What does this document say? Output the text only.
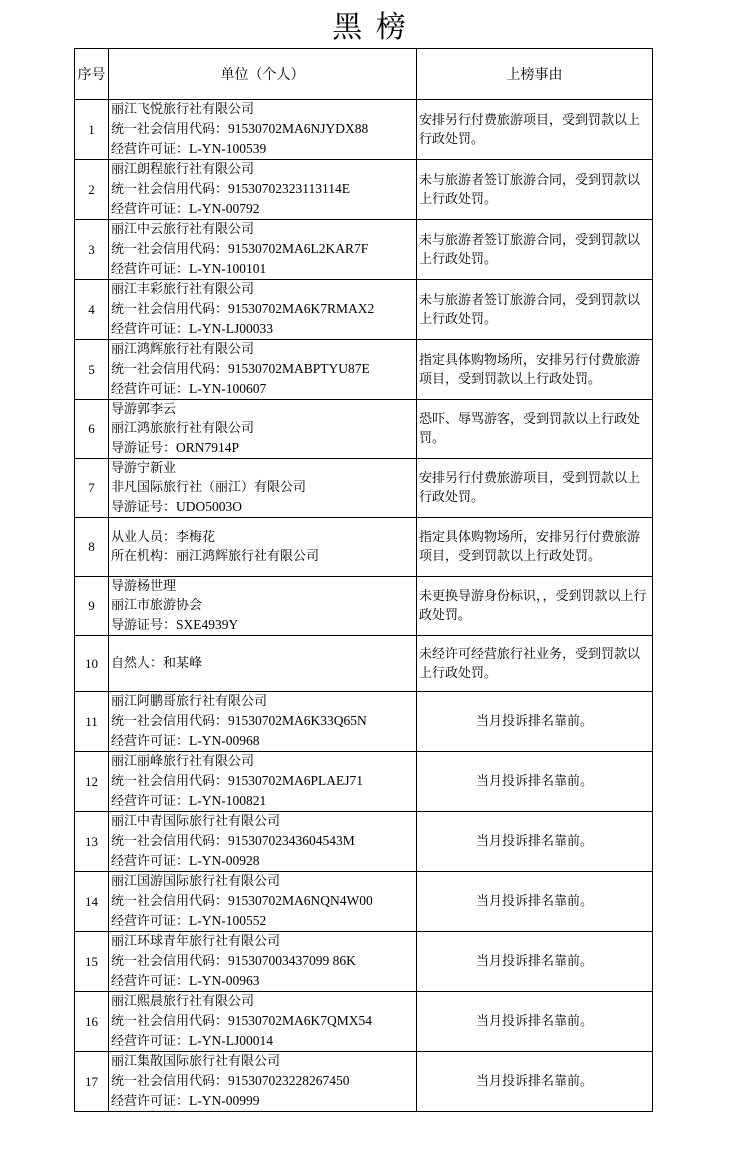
黑 榜
序号	单位（个人）	上榜事由
1	丽江飞悦旅行社有限公司
统一社会信用代码：91530702MA6NJYDX88
经营许可证：L-YN-100539	安排另行付费旅游项目，受到罚款以上行政处罚。
2	丽江朗程旅行社有限公司
统一社会信用代码：91530702323113114E
经营许可证：L-YN-00792	未与旅游者签订旅游合同，受到罚款以上行政处罚。
3	丽江中云旅行社有限公司
统一社会信用代码：91530702MA6L2KAR7F
经营许可证：L-YN-100101	未与旅游者签订旅游合同，受到罚款以上行政处罚。
4	丽江丰彩旅行社有限公司
统一社会信用代码：91530702MA6K7RMAX2
经营许可证：L-YN-LJ00033	未与旅游者签订旅游合同，受到罚款以上行政处罚。
5	丽江鸿辉旅行社有限公司
统一社会信用代码：91530702MABPTYU87E
经营许可证：L-YN-100607	指定具体购物场所，安排另行付费旅游项目，受到罚款以上行政处罚。
6	导游郭李云
丽江鸿旅旅行社有限公司
导游证号：ORN7914P	恐吓、辱骂游客，受到罚款以上行政处罚。
7	导游宁新业
非凡国际旅行社（丽江）有限公司
导游证号：UDO5003O	安排另行付费旅游项目，受到罚款以上行政处罚。
8	从业人员：李梅花
所在机构：丽江鸿辉旅行社有限公司	指定具体购物场所，安排另行付费旅游项目，受到罚款以上行政处罚。
9	导游杨世理
丽江市旅游协会
导游证号：SXE4939Y	未更换导游身份标识，，受到罚款以上行政处罚。
10	自然人：和某峰	未经许可经营旅行社业务，受到罚款以上行政处罚。
11	丽江阿鹏哥旅行社有限公司
统一社会信用代码：91530702MA6K33Q65N
经营许可证：L-YN-00968	当月投诉排名靠前。
12	丽江丽峰旅行社有限公司
统一社会信用代码：91530702MA6PLAEJ71
经营许可证：L-YN-100821	当月投诉排名靠前。
13	丽江中青国际旅行社有限公司
统一社会信用代码：91530702343604543M
经营许可证：L-YN-00928	当月投诉排名靠前。
14	丽江国游国际旅行社有限公司
统一社会信用代码：91530702MA6NQN4W00
经营许可证：L-YN-100552	当月投诉排名靠前。
15	丽江环球青年旅行社有限公司
统一社会信用代码：915307003437099 86K
经营许可证：L-YN-00963	当月投诉排名靠前。
16	丽江熙晨旅行社有限公司
统一社会信用代码：91530702MA6K7QMX54
经营许可证：L-YN-LJ00014	当月投诉排名靠前。
17	丽江集散国际旅行社有限公司
统一社会信用代码：915307023228267450
经营许可证：L-YN-00999	当月投诉排名靠前。
